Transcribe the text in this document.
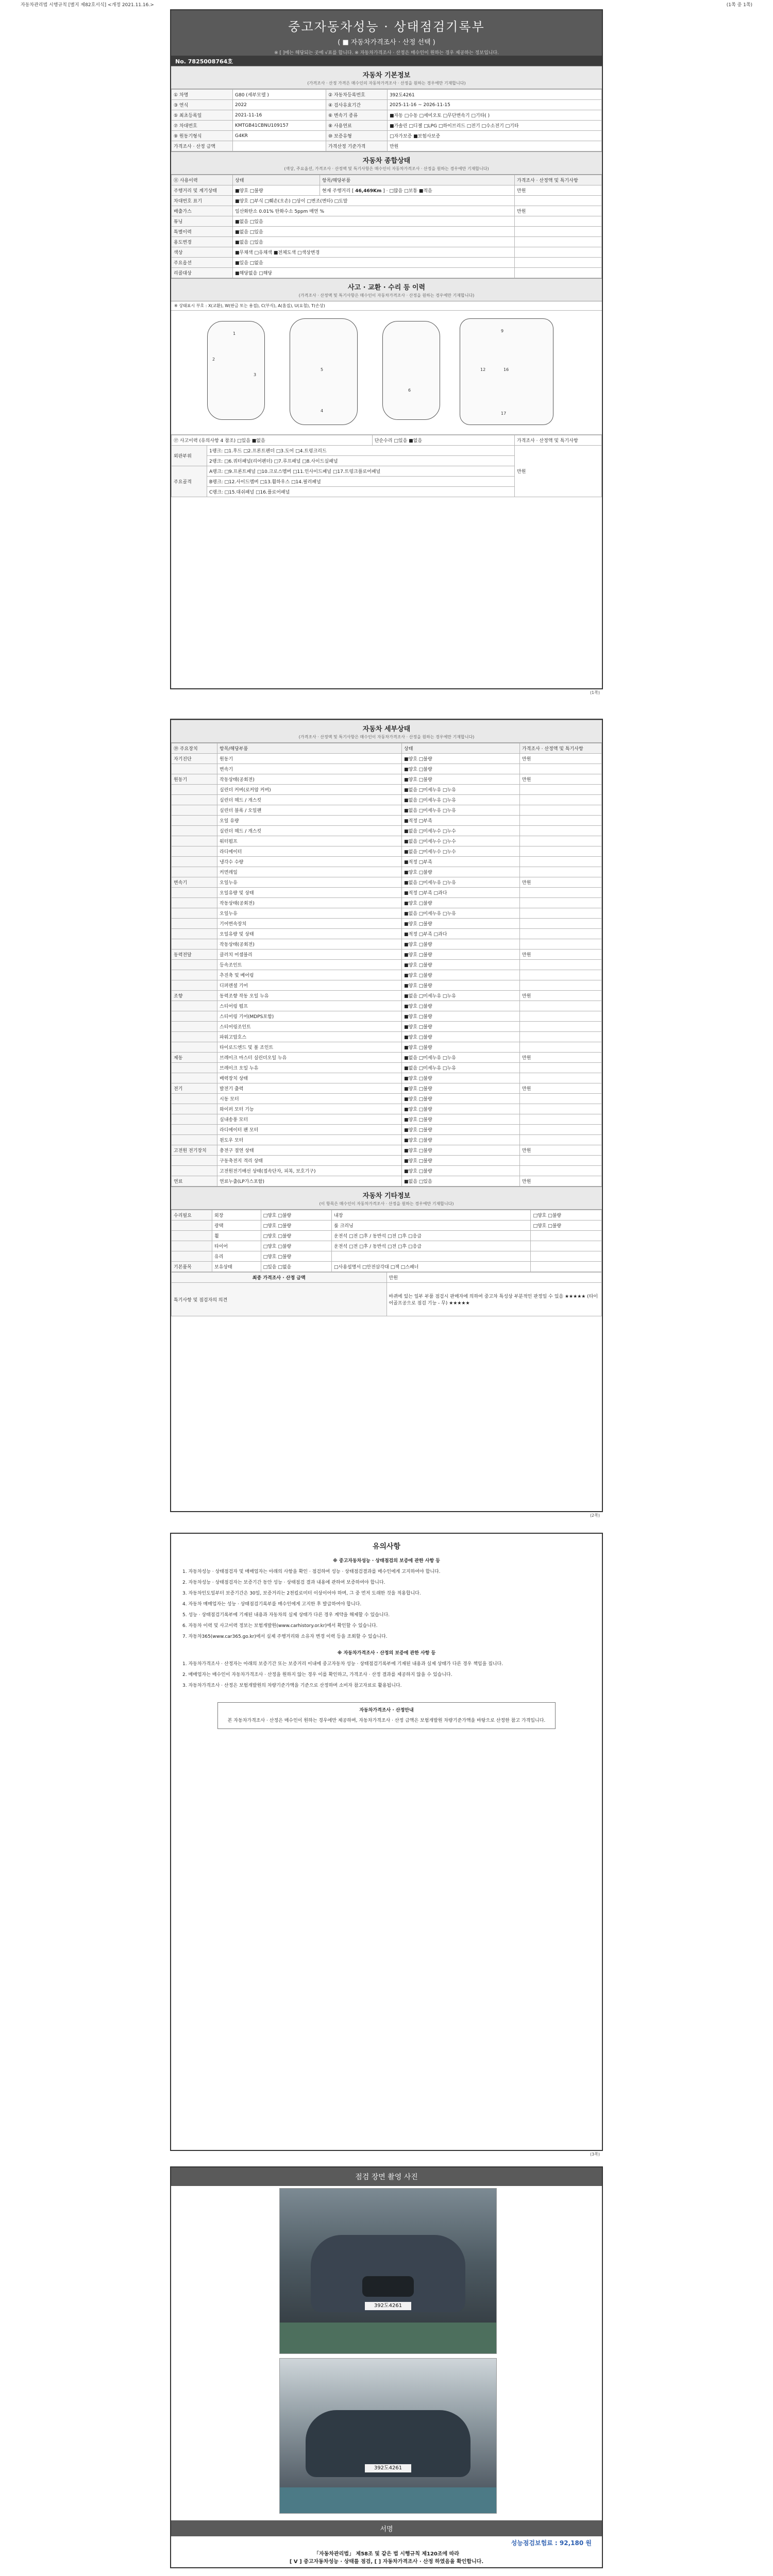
자동차관리법 시행규칙 [별지 제82호서식] <개정 2021.11.16.>	(1쪽 중 1쪽)
중고자동차성능 · 상태점검기록부
( ■ 자동차가격조사 · 산정 선택 )
※ [ ]에는 해당되는 곳에 √표를 합니다. ※ 자동차가격조사 · 산정은 매수인이 원하는 경우 제공하는 정보입니다.
No. 7825008764호
자동차 기본정보
(가격조사 · 산정 가격은 매수인의 자동차가격조사 · 산정을 원하는 경우에만 기재합니다)
① 차명	G80 (세부모델 )	② 자동차등록번호	392도4261
③ 연식	2022	④ 검사유효기간	2025-11-16 ~ 2026-11-15
⑤ 최초등록일	2021-11-16	⑥ 변속기 종류	■자동 □수동 □세미오토 □무단변속기 □기타( )
⑦ 차대번호	KMTGB41CBNU109157	⑧ 사용연료	■가솔린 □디젤 □LPG □하이브리드 □전기 □수소전기 □기타
⑨ 원동기형식	G4KR	⑩ 보증유형	□자가보증 ■보험사보증
가격조사 · 산정 금액		가격산정 기준가격	만원
자동차 종합상태
(색상, 주요옵션, 가격조사 · 산정액 및 특기사항은 매수인이 자동차가격조사 · 산정을 원하는 경우에만 기재합니다)
⑪ 사용이력	상태	항목/해당부품	가격조사 · 산정액 및 특기사항
주행거리 및 계기상태	■양호 □불량	현재 주행거리 [ 46,469Km ] · □많음 □보통 ■적음	만원
차대번호 표기	■양호 □부식 □훼손(오손) □상이 □변조(변타) □도말		
배출가스	일산화탄소 0.01% 탄화수소 5ppm 매연 %		만원
튜닝	■없음 □있음		
특별이력	■없음 □있음		
용도변경	■없음 □있음		
색상	■무채색 □유채색 ■전체도색 □색상변경		
주요옵션	■있음 □없음		
리콜대상	■해당없음 □해당		
사고 · 교환 · 수리 등 이력
(가격조사 · 산정액 및 특기사항은 매수인이 자동차가격조사 · 산정을 원하는 경우에만 기재합니다)
※ 상태표시 부호 : X(교환), W(판금 또는 용접), C(부식), A(흠집), U(요철), T(손상)
1
2
3
4
5
6
9
12	16
17
⑰ 사고이력 (유의사항 4 참조) □있음 ■없음		단순수리 □있음 ■없음	가격조사 · 산정액 및 특기사항
외판부위	1랭크: □1.후드 □2.프론트펜더 □3.도어 □4.트렁크리드		만원
	2랭크: □6.쿼터패널(리어펜더) □7.루프패널 □8.사이드실패널		
주요골격	A랭크: □9.프론트패널 □10.크로스멤버 □11.인사이드패널 □17.트렁크플로어패널		
	B랭크: □12.사이드멤버 □13.휠하우스 □14.필러패널		
	C랭크: □15.대쉬패널 □16.플로어패널		
(1쪽)
자동차 세부상태
(가격조사 · 산정액 및 특기사항은 매수인이 자동차가격조사 · 산정을 원하는 경우에만 기재합니다)
⑲ 주요장치	항목/해당부품	상태	가격조사 · 산정액 및 특기사항
자기진단	원동기	■양호 □불량	만원
	변속기	■양호 □불량	
원동기	작동상태(공회전)	■양호 □불량	만원
	실린더 커버(로커암 커버)	■없음 □미세누유 □누유	
	실린더 헤드 / 개스킷	■없음 □미세누유 □누유	
	실린더 블록 / 오일팬	■없음 □미세누유 □누유	
	오일 유량	■적정 □부족	
	실린더 헤드 / 개스킷	■없음 □미세누수 □누수	
	워터펌프	■없음 □미세누수 □누수	
	라디에이터	■없음 □미세누수 □누수	
	냉각수 수량	■적정 □부족	
	커먼레일	■양호 □불량	
변속기	오일누유	■없음 □미세누유 □누유	만원
	오일유량 및 상태	■적정 □부족 □과다	
	작동상태(공회전)	■양호 □불량	
	오일누유	■없음 □미세누유 □누유	
	기어변속장치	■양호 □불량	
	오일유량 및 상태	■적정 □부족 □과다	
	작동상태(공회전)	■양호 □불량	
동력전달	클러치 어셈블리	■양호 □불량	만원
	등속조인트	■양호 □불량	
	추진축 및 베어링	■양호 □불량	
	디퍼렌셜 기어	■양호 □불량	
조향	동력조향 작동 오일 누유	■없음 □미세누유 □누유	만원
	스티어링 펌프	■양호 □불량	
	스티어링 기어(MDPS포함)	■양호 □불량	
	스티어링조인트	■양호 □불량	
	파워고압호스	■양호 □불량	
	타이로드엔드 및 볼 조인트	■양호 □불량	
제동	브레이크 마스터 실린더오일 누유	■없음 □미세누유 □누유	만원
	브레이크 오일 누유	■없음 □미세누유 □누유	
	배력장치 상태	■양호 □불량	
전기	발전기 출력	■양호 □불량	만원
	시동 모터	■양호 □불량	
	와이퍼 모터 기능	■양호 □불량	
	실내송풍 모터	■양호 □불량	
	라디에이터 팬 모터	■양호 □불량	
	윈도우 모터	■양호 □불량	
고전원 전기장치	충전구 절연 상태	■양호 □불량	만원
	구동축전지 격리 상태	■양호 □불량	
	고전원전기배선 상태(접속단자, 피복, 보호기구)	■양호 □불량	
연료	연료누출(LP가스포함)	■없음 □있음	만원
자동차 기타정보
(이 항목은 매수인이 자동차가격조사 · 산정을 원하는 경우에만 기재합니다)
수리필요	외장	□양호 □불량	내장	□양호 □불량
	광택	□양호 □불량	룸 크리닝	□양호 □불량
	휠	□양호 □불량	운전석 □전 □후 / 동반석 □전 □후 □응급	
	타이어	□양호 □불량	운전석 □전 □후 / 동반석 □전 □후 □응급	
	유리	□양호 □불량		
기본품목	보유상태	□있음 □없음	□사용설명서 □안전삼각대 □잭 □스패너	
최종 가격조사 · 산정 금액	만원
특기사항 및 점검자의 의견	바퀴에 있는 일부 부품 점검시 판매자에 의하여 중고차 특성상 부분적인 판정일 수 있음 ★★★★★ (타이어골프공으로 점검 기능 - 무) ★★★★★
(2쪽)
유의사항

※ 중고자동차성능 · 상태점검의 보증에 관한 사항 등

1. 자동차성능 · 상태점검자 및 매매업자는 아래의 사항을 확인 · 점검하여 성능 · 상태점검결과를 매수인에게 고지하여야 합니다.

2. 자동차성능 · 상태점검자는 보증기간 동안 성능 · 상태점검 결과 내용에 관하여 보증하여야 합니다.

3. 자동차인도일부터 보증기간은 30일, 보증거리는 2천킬로미터 이상이어야 하며, 그 중 먼저 도래한 것을 적용합니다.

4. 자동차 매매업자는 성능 · 상태점검기록부를 매수인에게 고지한 후 발급하여야 합니다.

5. 성능 · 상태점검기록부에 기재된 내용과 자동차의 실제 상태가 다른 경우 계약을 해제할 수 있습니다.

6. 자동차 이력 및 사고이력 정보는 보험개발원(www.carhistory.or.kr)에서 확인할 수 있습니다.

7. 자동차365(www.car365.go.kr)에서 실제 주행거리와 소유자 변경 이력 등을 조회할 수 있습니다.

※ 자동차가격조사 · 산정의 보증에 관한 사항 등

1. 자동차가격조사 · 산정자는 아래의 보증기간 또는 보증거리 이내에 중고자동차 성능 · 상태점검기록부에 기재된 내용과 실제 상태가 다른 경우 책임을 집니다.

2. 매매업자는 매수인이 자동차가격조사 · 산정을 원하지 않는 경우 이를 확인하고, 가격조사 · 산정 결과를 제공하지 않을 수 있습니다.

3. 자동차가격조사 · 산정은 보험개발원의 차량기준가액을 기준으로 산정하며 소비자 참고자료로 활용됩니다.

자동차가격조사 · 산정안내
본 자동차가격조사 · 산정은 매수인이 원하는 경우에만 제공하며, 자동차가격조사 · 산정 금액은 보험개발원 차량기준가액을 바탕으로 산정한 참고 가격입니다.
(3쪽)
점검 장면 촬영 사진
392도4261
392도4261
서명
성능점검보험료 : 92,180 원
「자동차관리법」 제58조 및 같은 법 시행규칙 제120조에 따라
[ V ] 중고자동차성능 · 상태를 점검, [ ] 자동차가격조사 · 산정 하였음을 확인합니다.
